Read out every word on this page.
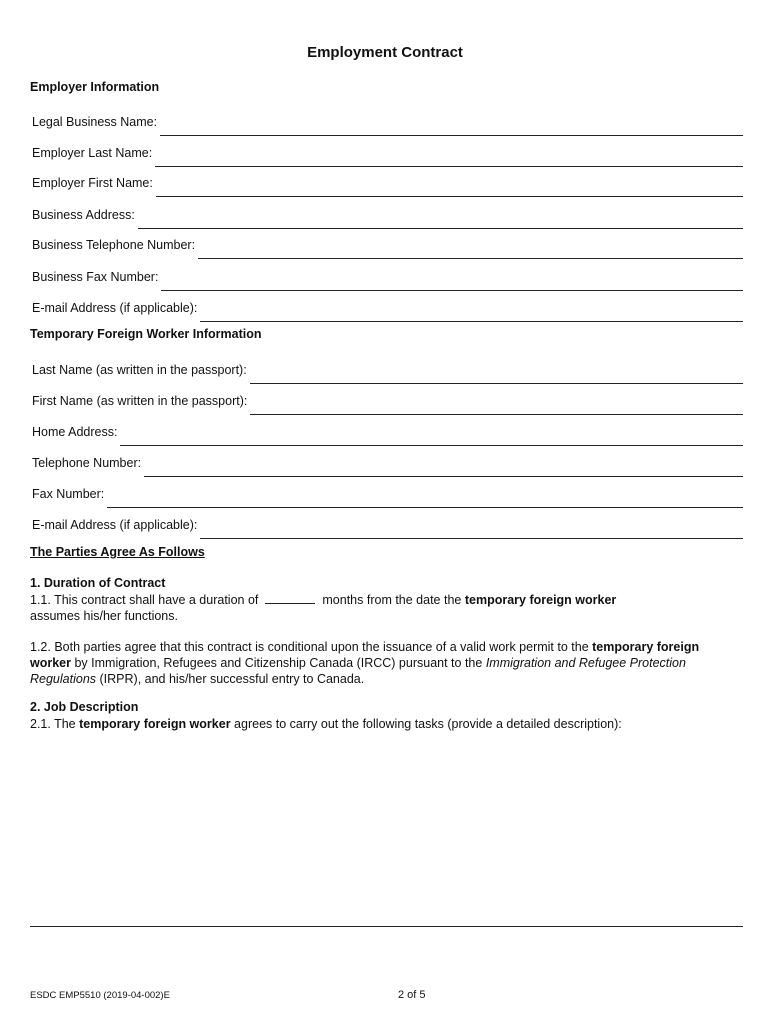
Employment Contract
Employer Information
Legal Business Name:
Employer Last Name:
Employer First Name:
Business Address:
Business Telephone Number:
Business Fax Number:
E-mail Address (if applicable):
Temporary Foreign Worker Information
Last Name (as written in the passport):
First Name (as written in the passport):
Home Address:
Telephone Number:
Fax Number:
E-mail Address (if applicable):
The Parties Agree As Follows
1. Duration of Contract
1.1. This contract shall have a duration of	months from the date the temporary foreign worker
assumes his/her functions.
1.2. Both parties agree that this contract is conditional upon the issuance of a valid work permit to the temporary foreign
worker by Immigration, Refugees and Citizenship Canada (IRCC) pursuant to the Immigration and Refugee Protection
Regulations (IRPR), and his/her successful entry to Canada.
2. Job Description
2.1. The temporary foreign worker agrees to carry out the following tasks (provide a detailed description):
ESDC EMP5510 (2019-04-002)E	2 of 5
